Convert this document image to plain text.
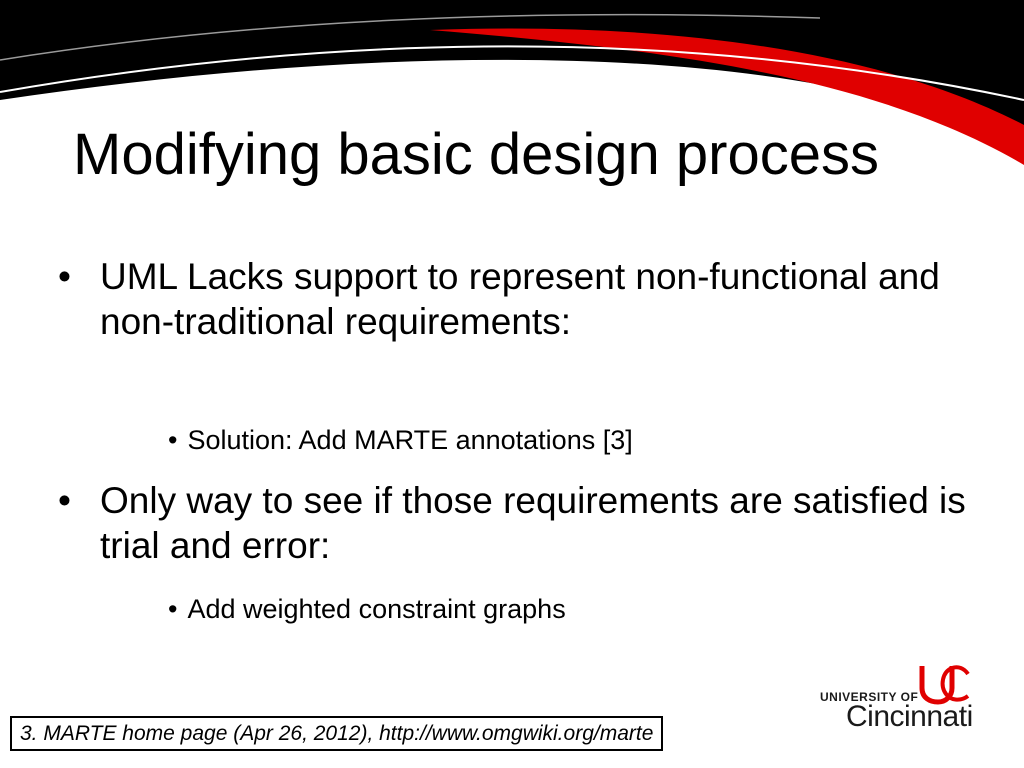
Modifying basic design process
• UML Lacks support to represent non-functional and non-traditional requirements:
• Solution: Add MARTE annotations [3]
• Only way to see if those requirements are satisfied is trial and error:
• Add weighted constraint graphs
3. MARTE home page (Apr 26, 2012), http://www.omgwiki.org/marte
UNIVERSITY OF
Cincinnati
